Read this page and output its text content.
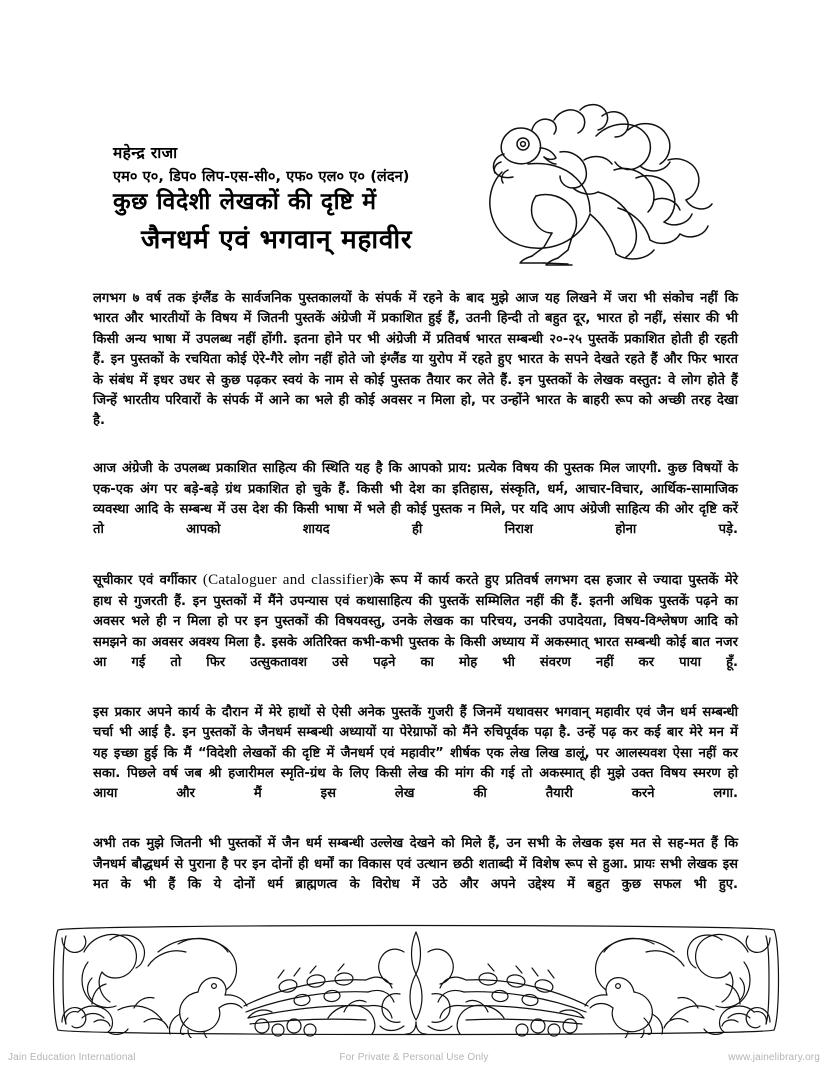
महेन्द्र राजा

एम० ए०, डिप० लिप-एस-सी०, एफ० एल० ए० (लंदन)

कुछ विदेशी लेखकों की दृष्टि में
जैनधर्म एवं भगवान् महावीर

लगभग ७ वर्ष तक इंग्लैंड के सार्वजनिक पुस्तकालयों के संपर्क में रहने के बाद मुझे आज यह लिखने में जरा भी संकोच नहीं कि भारत और भारतीयों के विषय में जितनी पुस्तकें अंग्रेजी में प्रकाशित हुई हैं, उतनी हिन्दी तो बहुत दूर, भारत हो नहीं, संसार की भी किसी अन्य भाषा में उपलब्ध नहीं होंगी. इतना होने पर भी अंग्रेजी में प्रतिवर्ष भारत सम्बन्धी २०-२५ पुस्तकें प्रकाशित होती ही रहती हैं. इन पुस्तकों के रचयिता कोई ऐरे-गैरे लोग नहीं होते जो इंग्लैंड या युरोप में रहते हुए भारत के सपने देखते रहते हैं और फिर भारत के संबंध में इधर उधर से कुछ पढ़कर स्वयं के नाम से कोई पुस्तक तैयार कर लेते हैं. इन पुस्तकों के लेखक वस्तुत: वे लोग होते हैं जिन्हें भारतीय परिवारों के संपर्क में आने का भले ही कोई अवसर न मिला हो, पर उन्होंने भारत के बाहरी रूप को अच्छी तरह देखा है.

आज अंग्रेजी के उपलब्ध प्रकाशित साहित्य की स्थिति यह है कि आपको प्राय: प्रत्येक विषय की पुस्तक मिल जाएगी. कुछ विषयों के एक-एक अंग पर बड़े-बड़े ग्रंथ प्रकाशित हो चुके हैं. किसी भी देश का इतिहास, संस्कृति, धर्म, आचार-विचार, आर्थिक-सामाजिक व्यवस्था आदि के सम्बन्ध में उस देश की किसी भाषा में भले ही कोई पुस्तक न मिले, पर यदि आप अंग्रेजी साहित्य की ओर दृष्टि करें तो आपको शायद ही निराश होना पड़े.

सूचीकार एवं वर्गीकार (Cataloguer and classifier)के रूप में कार्य करते हुए प्रतिवर्ष लगभग दस हजार से ज्यादा पुस्तकें मेरे हाथ से गुजरती हैं. इन पुस्तकों में मैंने उपन्यास एवं कथासाहित्य की पुस्तकें सम्मिलित नहीं की हैं. इतनी अधिक पुस्तकें पढ़ने का अवसर भले ही न मिला हो पर इन पुस्तकों की विषयवस्तु, उनके लेखक का परिचय, उनकी उपादेयता, विषय-विश्लेषण आदि को समझने का अवसर अवश्य मिला है. इसके अतिरिक्त कभी-कभी पुस्तक के किसी अध्याय में अकस्मात् भारत सम्बन्धी कोई बात नजर आ गई तो फिर उत्सुकतावश उसे पढ़ने का मोह भी संवरण नहीं कर पाया हूँ.

इस प्रकार अपने कार्य के दौरान में मेरे हाथों से ऐसी अनेक पुस्तकें गुजरी हैं जिनमें यथावसर भगवान् महावीर एवं जैन धर्म सम्बन्धी चर्चा भी आई है. इन पुस्तकों के जैनधर्म सम्बन्धी अध्यायों या पेरेग्राफों को मैंने रुचिपूर्वक पढ़ा है. उन्हें पढ़ कर कई बार मेरे मन में यह इच्छा हुई कि मैं “विदेशी लेखकों की दृष्टि में जैनधर्म एवं महावीर” शीर्षक एक लेख लिख डालूं, पर आलस्यवश ऐसा नहीं कर सका. पिछले वर्ष जब श्री हजारीमल स्मृति-ग्रंथ के लिए किसी लेख की मांग की गई तो अकस्मात् ही मुझे उक्त विषय स्मरण हो आया और मैं इस लेख की तैयारी करने लगा.

अभी तक मुझे जितनी भी पुस्तकों में जैन धर्म सम्बन्धी उल्लेख देखने को मिले हैं, उन सभी के लेखक इस मत से सह-मत हैं कि जैनधर्म बौद्धधर्म से पुराना है पर इन दोनों ही धर्मों का विकास एवं उत्थान छठी शताब्दी में विशेष रूप से हुआ. प्रायः सभी लेखक इस मत के भी हैं कि ये दोनों धर्म ब्राह्मणत्व के विरोध में उठे और अपने उद्देश्य में बहुत कुछ सफल भी हुए.

Jain Education International	For Private & Personal Use Only	www.jainelibrary.org
